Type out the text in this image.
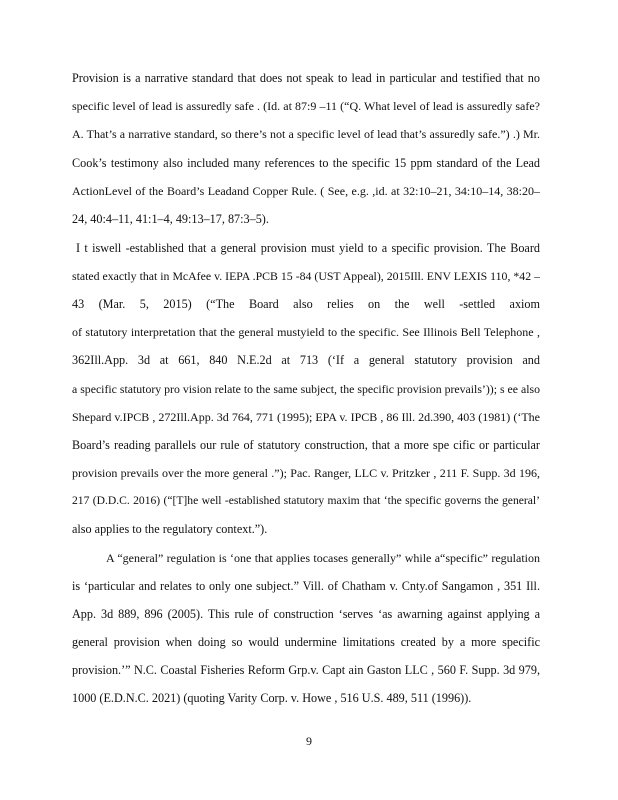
Provision is a narrative standard that does not speak to lead in particular and testified that no
specific level of lead is assuredly safe . (Id. at 87:9 –11 (“Q. What level of lead is assuredly safe?
A. That’s a narrative standard, so there’s not a specific level of lead that’s assuredly safe.”) .) Mr.
Cook’s testimony also included many references to the specific 15 ppm standard of the Lead
ActionLevel of the Board’s Leadand Copper Rule. ( See, e.g. ,id. at 32:10–21, 34:10–14, 38:20–
24, 40:4–11, 41:1–4, 49:13–17, 87:3–5).
I t iswell -established that a general provision must yield to a specific provision. The Board
stated exactly that in McAfee v. IEPA .PCB 15 -84 (UST Appeal), 2015Ill. ENV LEXIS 110, *42 –
43 (Mar. 5, 2015) (“The Board also relies on the well -settled axiom
of statutory interpretation that the general mustyield to the specific. See Illinois Bell Telephone ,
362Ill.App. 3d at 661, 840 N.E.2d at 713 (‘If a general statutory provision and
a specific statutory pro vision relate to the same subject, the specific provision prevails’)); s ee also
Shepard v.IPCB , 272Ill.App. 3d 764, 771 (1995); EPA v. IPCB , 86 Ill. 2d.390, 403 (1981) (‘The
Board’s reading parallels our rule of statutory construction, that a more spe cific or particular
provision prevails over the more general .”); Pac. Ranger, LLC v. Pritzker , 211 F. Supp. 3d 196,
217 (D.D.C. 2016) (“[T]he well -established statutory maxim that ‘the specific governs the general’
also applies to the regulatory context.”).
A “general” regulation is ‘one that applies tocases generally” while a“specific” regulation
is ‘particular and relates to only one subject.” Vill. of Chatham v. Cnty.of Sangamon , 351 Ill.
App. 3d 889, 896 (2005). This rule of construction ‘serves ‘as awarning against applying a
general provision when doing so would undermine limitations created by a more specific
provision.’” N.C. Coastal Fisheries Reform Grp.v. Capt ain Gaston LLC , 560 F. Supp. 3d 979,
1000 (E.D.N.C. 2021) (quoting Varity Corp. v. Howe , 516 U.S. 489, 511 (1996)).
9
